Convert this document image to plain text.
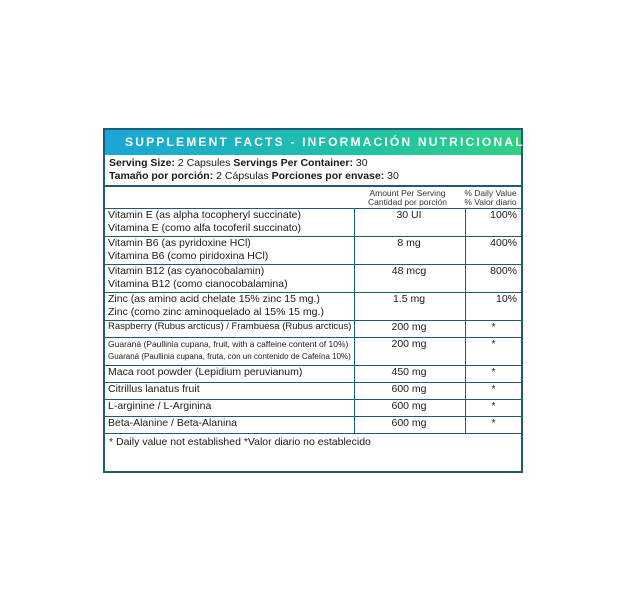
SUPPLEMENT FACTS - INFORMACIÓN NUTRICIONAL
Serving Size: 2 Capsules Servings Per Container: 30
Tamaño por porción: 2 Cápsulas Porciones por envase: 30
Amount Per Serving
Cantidad por porción
% Daily Value
% Valor diario
Vitamin E (as alpha tocopheryl succinate)
Vitamina E (como alfa tocoferil succinato)
30 UI	100%
Vitamin B6 (as pyridoxine HCl)
Vitamina B6 (como piridoxina HCl)
8 mg	400%
Vitamin B12 (as cyanocobalamin)
Vitamina B12 (como cianocobalamina)
48 mcg	800%
Zinc (as amino acid chelate 15% zinc 15 mg.)
Zinc (como zinc aminoquelado al 15% 15 mg.)
1.5 mg	10%
Raspberry (Rubus arcticus) / Frambuesa (Rubus arcticus)	200 mg	*
Guaraná (Paullinia cupana, fruit, with a caffeine content of 10%)
Guaraná (Paullinia cupana, fruta, con un contenido de Cafeína 10%)
200 mg	*
Maca root powder (Lepidium peruvianum)	450 mg	*
Citrillus lanatus fruit	600 mg	*
L-arginine / L-Arginina	600 mg	*
Beta-Alanine / Beta-Alanina	600 mg	*
* Daily value not established *Valor diario no establecido
